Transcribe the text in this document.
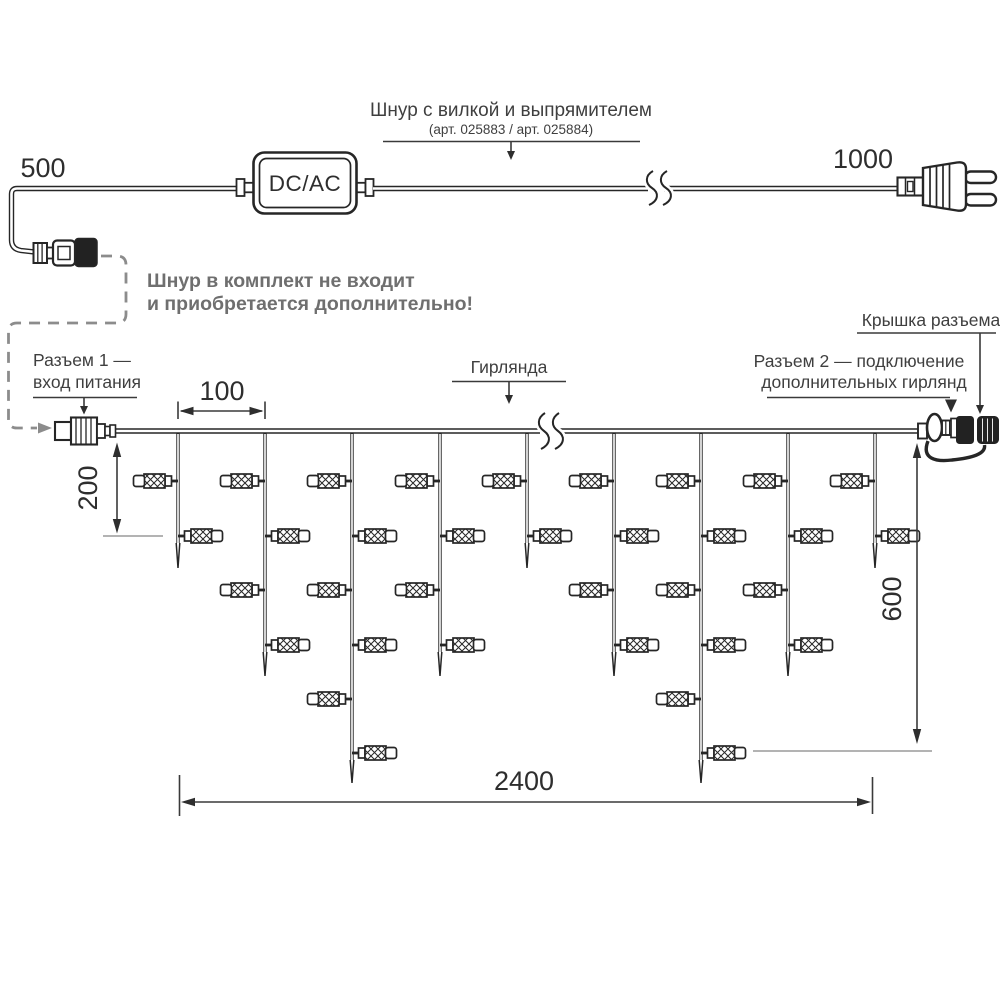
500
DC/AC
1000
Шнур с вилкой и выпрямителем
(арт. 025883 / арт. 025884)
Шнур в комплект не входит
и приобретается дополнительно!
Разъем 1 —
вход питания
Гирлянда	Разъем 2 — подключение
дополнительных гирлянд
Крышка разъема
100
200
600
2400
